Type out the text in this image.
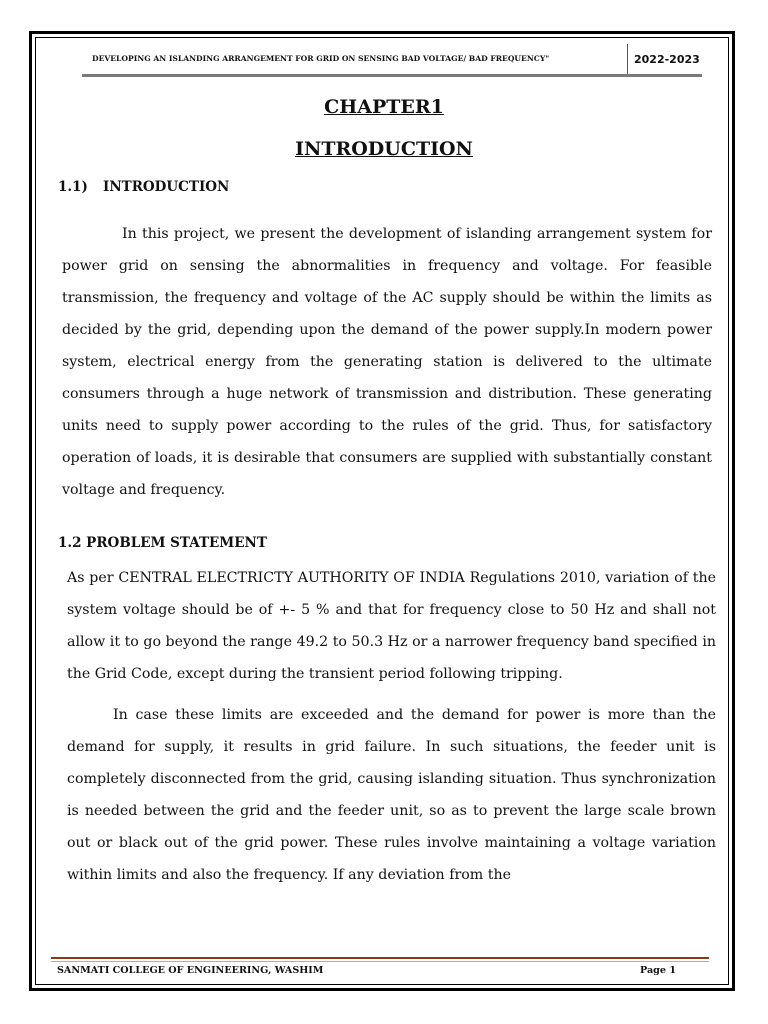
DEVELOPING AN ISLANDING ARRANGEMENT FOR GRID ON SENSING BAD VOLTAGE/ BAD FREQUENCY"	2022-2023
CHAPTER1
INTRODUCTION
1.1) INTRODUCTION
In this project, we present the development of islanding arrangement system for power grid on sensing the abnormalities in frequency and voltage. For feasible transmission, the frequency and voltage of the AC supply should be within the limits as decided by the grid, depending upon the demand of the power supply.In modern power system, electrical energy from the generating station is delivered to the ultimate consumers through a huge network of transmission and distribution. These generating units need to supply power according to the rules of the grid. Thus, for satisfactory operation of loads, it is desirable that consumers are supplied with substantially constant voltage and frequency.
1.2 PROBLEM STATEMENT
As per CENTRAL ELECTRICTY AUTHORITY OF INDIA Regulations 2010, variation of the system voltage should be of +- 5 % and that for frequency close to 50 Hz and shall not allow it to go beyond the range 49.2 to 50.3 Hz or a narrower frequency band specified in the Grid Code, except during the transient period following tripping.
In case these limits are exceeded and the demand for power is more than the demand for supply, it results in grid failure. In such situations, the feeder unit is completely disconnected from the grid, causing islanding situation. Thus synchronization is needed between the grid and the feeder unit, so as to prevent the large scale brown out or black out of the grid power. These rules involve maintaining a voltage variation within limits and also the frequency. If any deviation from the
SANMATI COLLEGE OF ENGINEERING, WASHIM	Page 1
